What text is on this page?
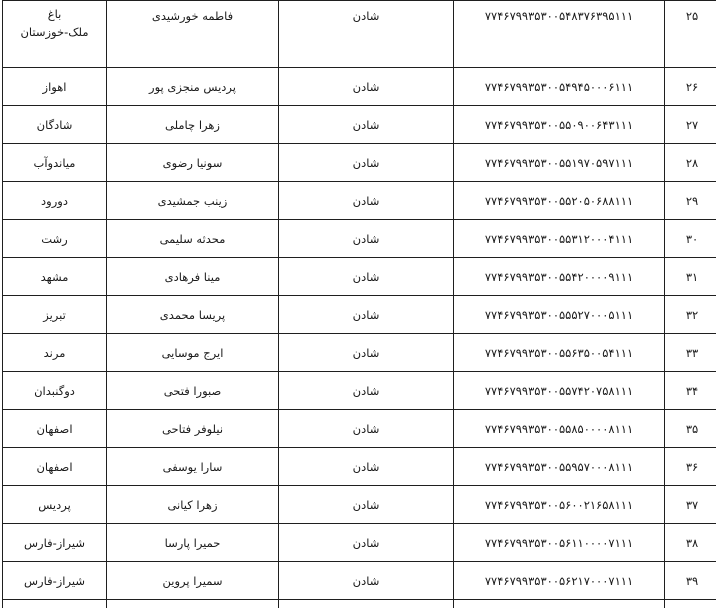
۲۵	۷۷۴۶۷۹۹۳۵۳۰۰۵۴۸۳۷۶۳۹۵۱۱۱	شادن	فاطمه خورشیدی	باغ
ملک-خوزستان

۲۶	۷۷۴۶۷۹۹۳۵۳۰۰۵۴۹۴۵۰۰۰۶۱۱۱	شادن	پردیس منجزی پور	اهواز
۲۷	۷۷۴۶۷۹۹۳۵۳۰۰۵۵۰۹۰۰۶۴۳۱۱۱	شادن	زهرا چاملی	شادگان
۲۸	۷۷۴۶۷۹۹۳۵۳۰۰۵۵۱۹۷۰۵۹۷۱۱۱	شادن	سونیا رضوی	میاندوآب
۲۹	۷۷۴۶۷۹۹۳۵۳۰۰۵۵۲۰۵۰۶۸۸۱۱۱	شادن	زینب جمشیدی	دورود
۳۰	۷۷۴۶۷۹۹۳۵۳۰۰۵۵۳۱۲۰۰۰۴۱۱۱	شادن	محدثه سلیمی	رشت
۳۱	۷۷۴۶۷۹۹۳۵۳۰۰۵۵۴۲۰۰۰۰۹۱۱۱	شادن	مینا فرهادی	مشهد
۳۲	۷۷۴۶۷۹۹۳۵۳۰۰۵۵۵۲۷۰۰۰۵۱۱۱	شادن	پریسا محمدی	تبریز
۳۳	۷۷۴۶۷۹۹۳۵۳۰۰۵۵۶۳۵۰۰۵۴۱۱۱	شادن	ایرج موسایی	مرند
۳۴	۷۷۴۶۷۹۹۳۵۳۰۰۵۵۷۴۲۰۷۵۸۱۱۱	شادن	صبورا فتحی	دوگنبدان
۳۵	۷۷۴۶۷۹۹۳۵۳۰۰۵۵۸۵۰۰۰۰۸۱۱۱	شادن	نیلوفر فتاحی	اصفهان
۳۶	۷۷۴۶۷۹۹۳۵۳۰۰۵۵۹۵۷۰۰۰۸۱۱۱	شادن	سارا یوسفی	اصفهان
۳۷	۷۷۴۶۷۹۹۳۵۳۰۰۵۶۰۰۲۱۶۵۸۱۱۱	شادن	زهرا کیانی	پردیس
۳۸	۷۷۴۶۷۹۹۳۵۳۰۰۵۶۱۱۰۰۰۰۷۱۱۱	شادن	حمیرا پارسا	شیراز-فارس
۳۹	۷۷۴۶۷۹۹۳۵۳۰۰۵۶۲۱۷۰۰۰۷۱۱۱	شادن	سمیرا پروین	شیراز-فارس
